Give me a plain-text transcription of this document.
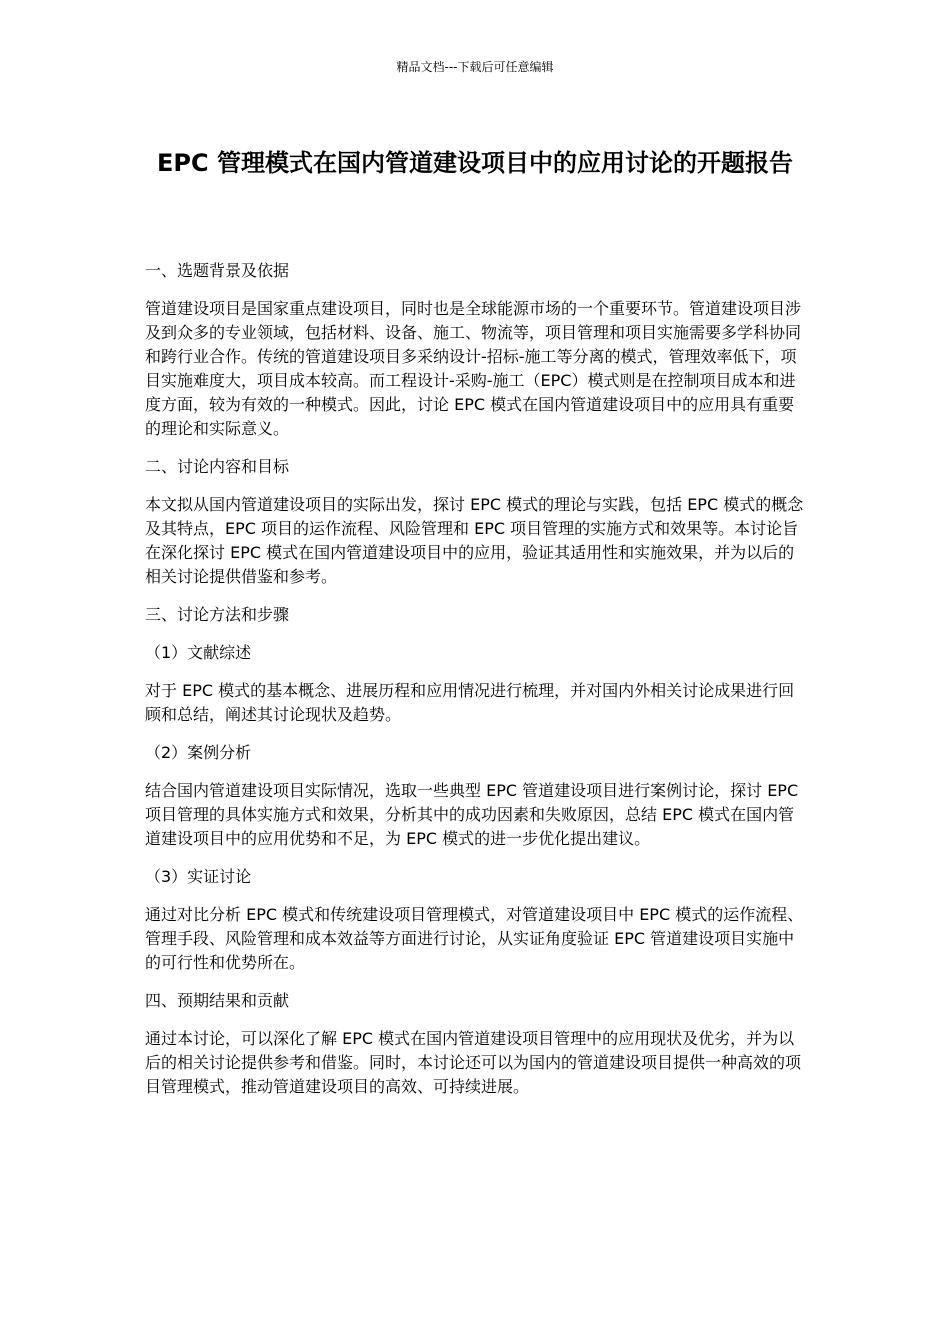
精品文档---下载后可任意编辑
EPC 管理模式在国内管道建设项目中的应用讨论的开题报告

一、选题背景及依据

管道建设项目是国家重点建设项目，同时也是全球能源市场的一个重要环节。管道建设项目涉及到众多的专业领域，包括材料、设备、施工、物流等，项目管理和项目实施需要多学科协同和跨行业合作。传统的管道建设项目多采纳设计-招标-施工等分离的模式，管理效率低下，项目实施难度大，项目成本较高。而工程设计-采购-施工（EPC）模式则是在控制项目成本和进度方面，较为有效的一种模式。因此，讨论 EPC 模式在国内管道建设项目中的应用具有重要的理论和实际意义。

二、讨论内容和目标

本文拟从国内管道建设项目的实际出发，探讨 EPC 模式的理论与实践，包括 EPC 模式的概念及其特点，EPC 项目的运作流程、风险管理和 EPC 项目管理的实施方式和效果等。本讨论旨在深化探讨 EPC 模式在国内管道建设项目中的应用，验证其适用性和实施效果，并为以后的相关讨论提供借鉴和参考。

三、讨论方法和步骤

（1）文献综述

对于 EPC 模式的基本概念、进展历程和应用情况进行梳理，并对国内外相关讨论成果进行回顾和总结，阐述其讨论现状及趋势。

（2）案例分析

结合国内管道建设项目实际情况，选取一些典型 EPC 管道建设项目进行案例讨论，探讨 EPC 项目管理的具体实施方式和效果，分析其中的成功因素和失败原因，总结 EPC 模式在国内管道建设项目中的应用优势和不足，为 EPC 模式的进一步优化提出建议。

（3）实证讨论

通过对比分析 EPC 模式和传统建设项目管理模式，对管道建设项目中 EPC 模式的运作流程、管理手段、风险管理和成本效益等方面进行讨论，从实证角度验证 EPC 管道建设项目实施中的可行性和优势所在。

四、预期结果和贡献

通过本讨论，可以深化了解 EPC 模式在国内管道建设项目管理中的应用现状及优劣，并为以后的相关讨论提供参考和借鉴。同时，本讨论还可以为国内的管道建设项目提供一种高效的项目管理模式，推动管道建设项目的高效、可持续进展。
